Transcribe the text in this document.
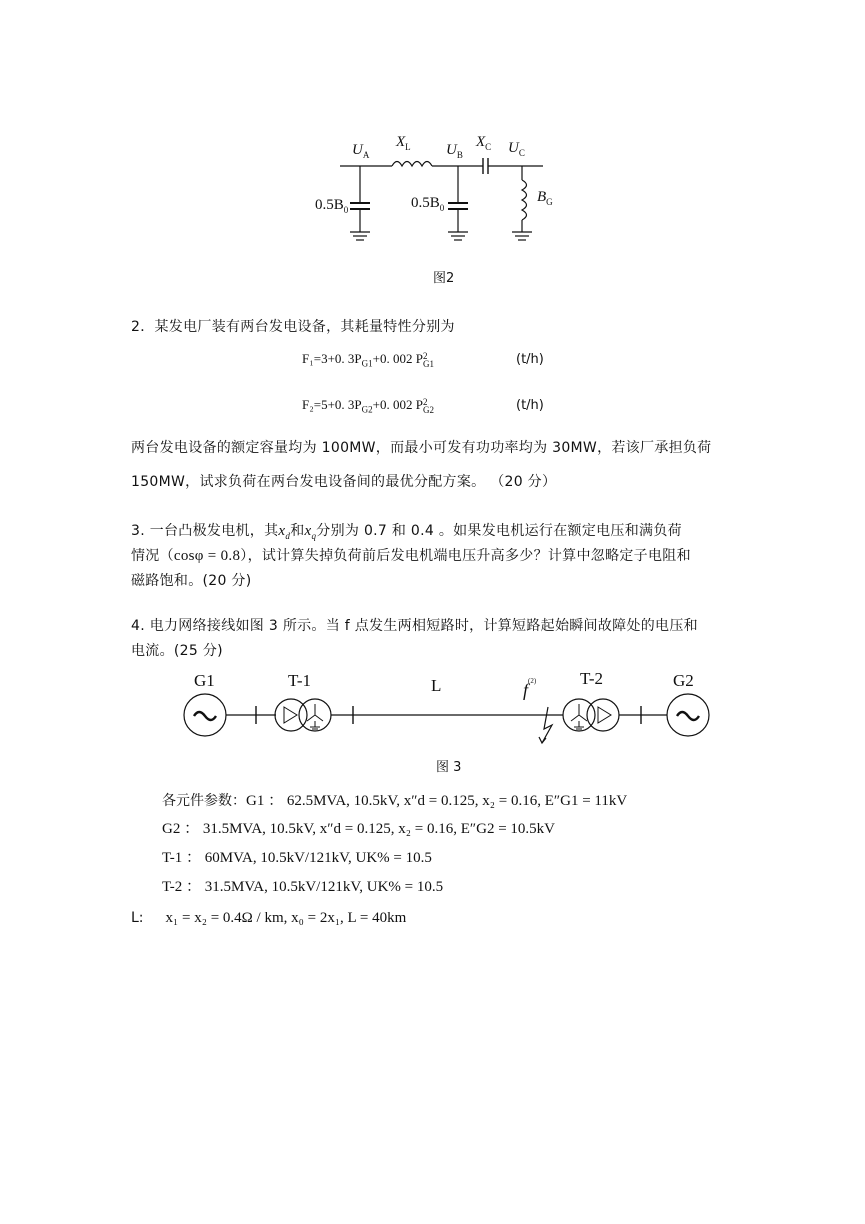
$U_A$
$X_L$ $U_B$
$X_C$ $U_C$
$0.5B_0$	$0.5B_0$
$B_G$
图2
2．某发电厂装有两台发电设备，其耗量特性分别为
F₁=3+0. $3P_{G1}+0$. 002 P 2
G1	(t/h)
F₂=5+0. $3P_{G2}+0$. 002 P 2
G2	(t/h)
两台发电设备的额定容量均为 100MW，而最小可发有功功率均为 30MW，若该厂承担负荷
150MW，试求负荷在两台发电设备间的最优分配方案。 （20 分）
3. 一台凸极发电机，其$x_d$和$x_q$分别为 0.7 和 0.4 。如果发电机运行在额定电压和满负荷
情况（cosφ = 0.8），试计算失掉负荷前后发电机端电压升高多少？计算中忽略定子电阻和
磁路饱和。(20 分)
4. 电力网络接线如图 3 所示。当 f 点发生两相短路时，计算短路起始瞬间故障处的电压和
电流。(25 分)
G1	T-1	L	$f^{(2)}$	T-2	G2
图 3
各元件参数：G1 ： 62.5MVA, 10.5kV, x″d = 0.125, x₂ = 0.16, E″G1 = 11kV
G2 ： 31.5MVA, 10.5kV, x″d = 0.125, x₂ = 0.16, E″G2 = 10.5kV
T-1 ： 60MVA, 10.5kV/121kV, UK% = 10.5
T-2 ： 31.5MVA, 10.5kV/121kV, UK% = 10.5
L: x₁ = x₂ = 0.4Ω / km, x₀ = 2x₁, L = 40km
